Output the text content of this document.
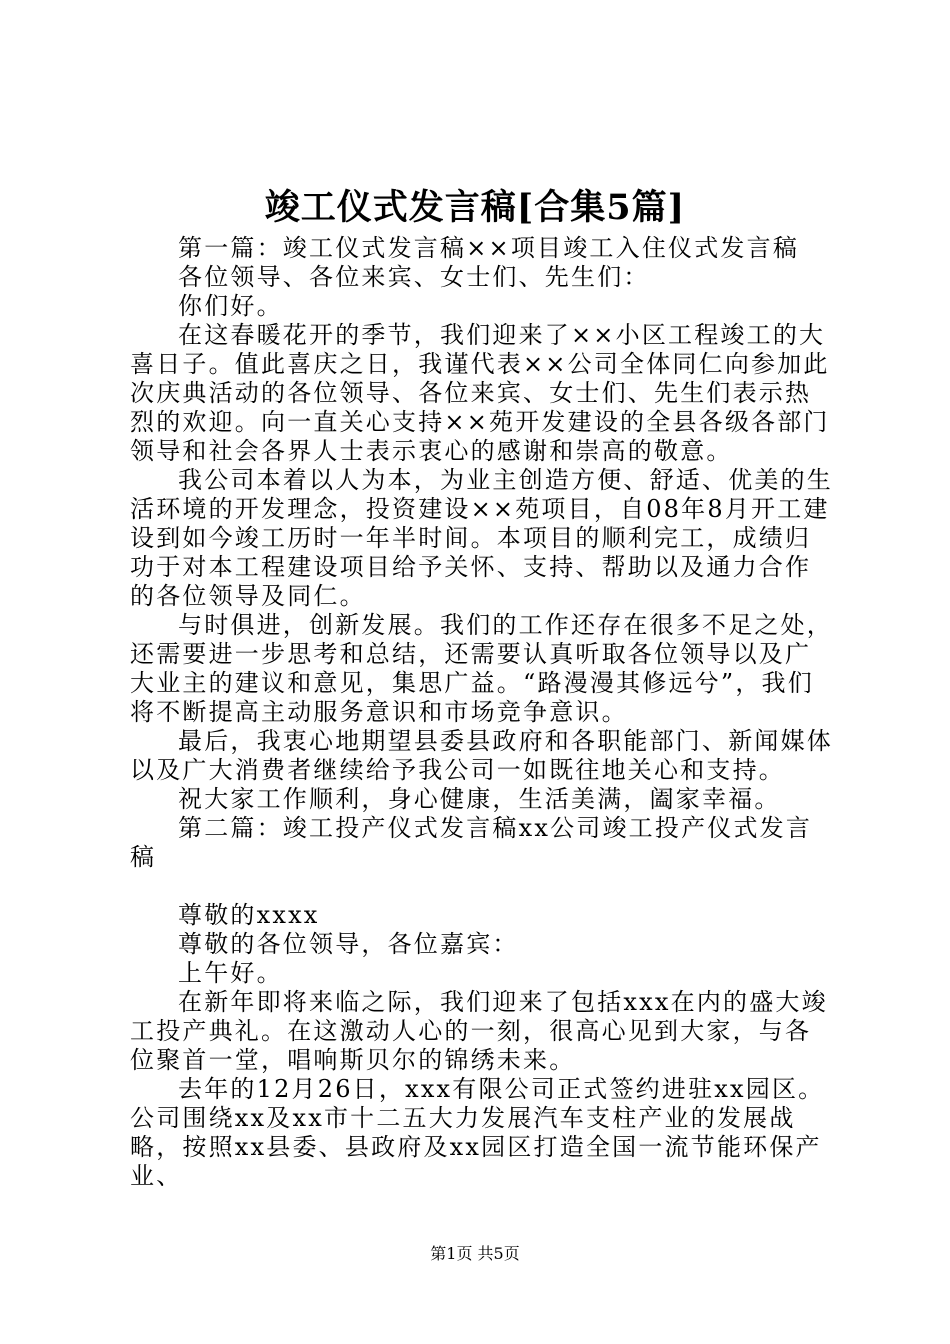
竣工仪式发言稿[合集5篇]

第一篇：竣工仪式发言稿××项目竣工入住仪式发言稿

各位领导、各位来宾、女士们、先生们：

你们好。

在这春暖花开的季节，我们迎来了××小区工程竣工的大喜日子。值此喜庆之日，我谨代表××公司全体同仁向参加此次庆典活动的各位领导、各位来宾、女士们、先生们表示热烈的欢迎。向一直关心支持××苑开发建设的全县各级各部门领导和社会各界人士表示衷心的感谢和崇高的敬意。

我公司本着以人为本，为业主创造方便、舒适、优美的生活环境的开发理念，投资建设××苑项目，自08年8月开工建设到如今竣工历时一年半时间。本项目的顺利完工，成绩归功于对本工程建设项目给予关怀、支持、帮助以及通力合作的各位领导及同仁。

与时俱进，创新发展。我们的工作还存在很多不足之处，还需要进一步思考和总结，还需要认真听取各位领导以及广大业主的建议和意见，集思广益。“路漫漫其修远兮”，我们将不断提高主动服务意识和市场竞争意识。

最后，我衷心地期望县委县政府和各职能部门、新闻媒体以及广大消费者继续给予我公司一如既往地关心和支持。

祝大家工作顺利，身心健康，生活美满，阖家幸福。

第二篇：竣工投产仪式发言稿xx公司竣工投产仪式发言稿

尊敬的xxxx

尊敬的各位领导，各位嘉宾：

上午好。

在新年即将来临之际，我们迎来了包括xxx在内的盛大竣工投产典礼。在这激动人心的一刻，很高心见到大家，与各位聚首一堂，唱响斯贝尔的锦绣未来。

去年的12月26日，xxx有限公司正式签约进驻xx园区。公司围绕xx及xx市十二五大力发展汽车支柱产业的发展战略，按照xx县委、县政府及xx园区打造全国一流节能环保产业、

第1页 共5页
